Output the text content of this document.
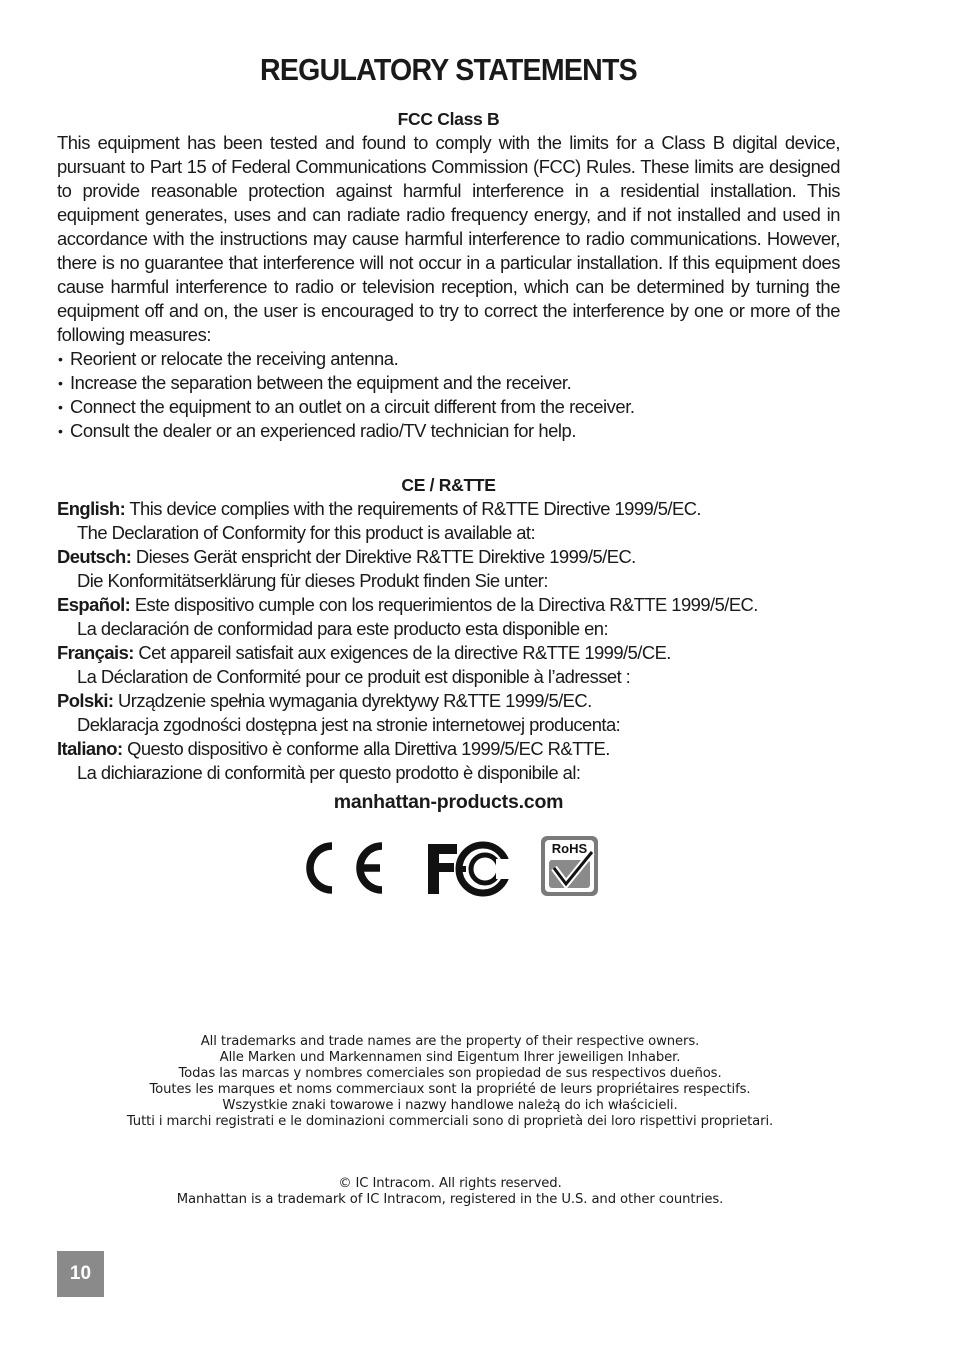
REGULATORY STATEMENTS
FCC Class B

This equipment has been tested and found to comply with the limits for a Class B digital device, pursuant to Part 15 of Federal Communications Commission (FCC) Rules. These limits are designed to provide reasonable protection against harmful interference in a residential installation. This equipment generates, uses and can radiate radio frequency energy, and if not installed and used in accordance with the instructions may cause harmful interference to radio communications. However, there is no guarantee that interference will not occur in a particular installation. If this equipment does cause harmful interference to radio or television reception, which can be determined by turning the equipment off and on, the user is encouraged to try to correct the interference by one or more of the following measures:

• Reorient or relocate the receiving antenna.
• Increase the separation between the equipment and the receiver.
• Connect the equipment to an outlet on a circuit different from the receiver.
• Consult the dealer or an experienced radio/TV technician for help.
CE / R&TTE
English: This device complies with the requirements of R&TTE Directive 1999/5/EC.
The Declaration of Conformity for this product is available at:
Deutsch: Dieses Gerät enspricht der Direktive R&TTE Direktive 1999/5/EC.
Die Konformitätserklärung für dieses Produkt finden Sie unter:
Español: Este dispositivo cumple con los requerimientos de la Directiva R&TTE 1999/5/EC.
La declaración de conformidad para este producto esta disponible en:
Français: Cet appareil satisfait aux exigences de la directive R&TTE 1999/5/CE.
La Déclaration de Conformité pour ce produit est disponible à l’adresset :
Polski: Urządzenie spełnia wymagania dyrektywy R&TTE 1999/5/EC.
Deklaracja zgodności dostępna jest na stronie internetowej producenta:
Italiano: Questo dispositivo è conforme alla Direttiva 1999/5/EC R&TTE.
La dichiarazione di conformità per questo prodotto è disponibile al:
manhattan-products.com
RoHS
All trademarks and trade names are the property of their respective owners.
Alle Marken und Markennamen sind Eigentum Ihrer jeweiligen Inhaber.
Todas las marcas y nombres comerciales son propiedad de sus respectivos dueños.
Toutes les marques et noms commerciaux sont la propriété de leurs propriétaires respectifs.
Wszystkie znaki towarowe i nazwy handlowe należą do ich właścicieli.
Tutti i marchi registrati e le dominazioni commerciali sono di proprietà dei loro rispettivi proprietari.
© IC Intracom. All rights reserved.
Manhattan is a trademark of IC Intracom, registered in the U.S. and other countries.
10
